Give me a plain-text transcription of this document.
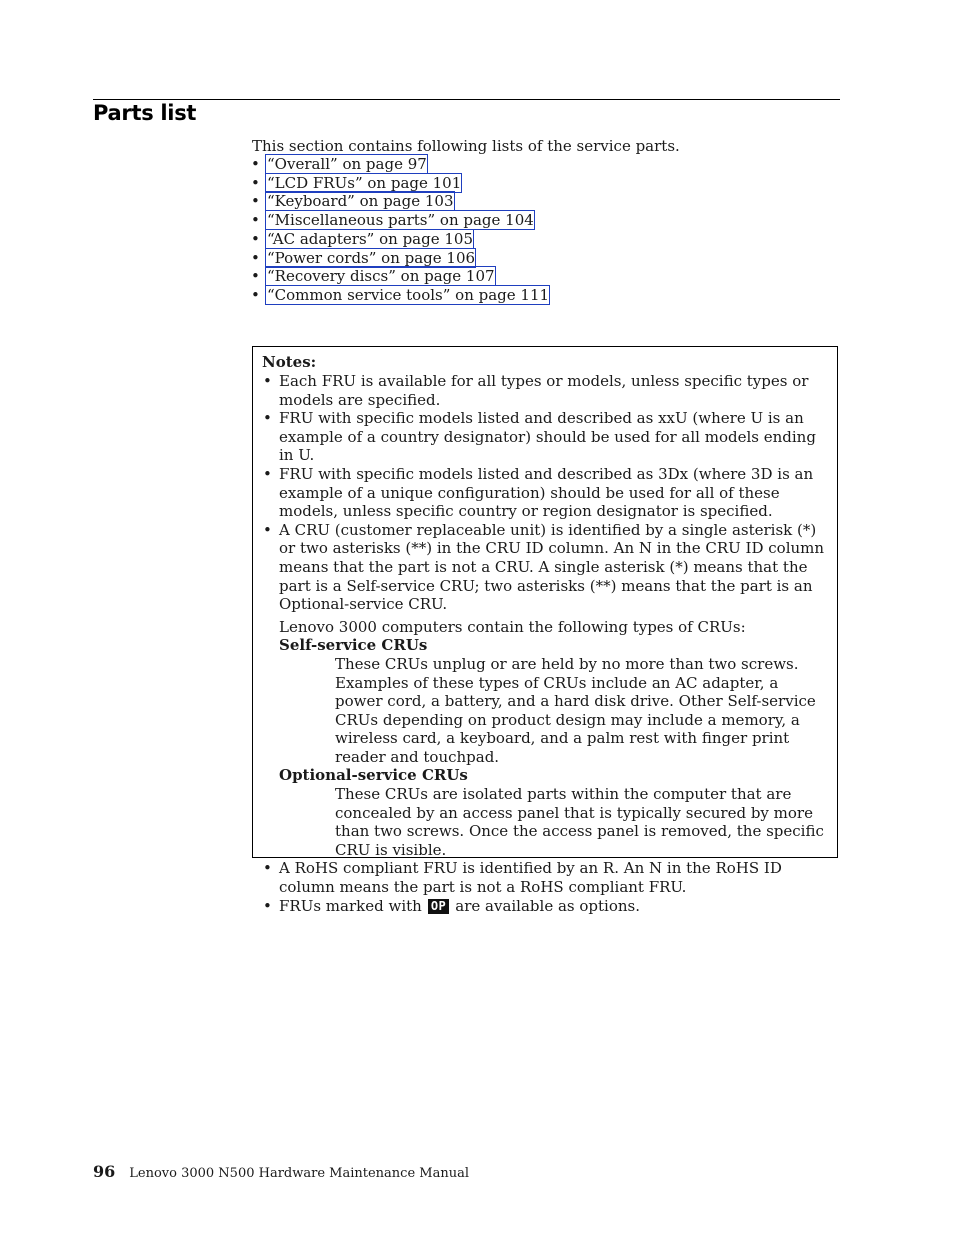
Parts list

This section contains following lists of the service parts.

• “Overall” on page 97
• “LCD FRUs” on page 101
• “Keyboard” on page 103
• “Miscellaneous parts” on page 104
• “AC adapters” on page 105
• “Power cords” on page 106
• “Recovery discs” on page 107
• “Common service tools” on page 111
Notes:
• Each FRU is available for all types or models, unless specific types or models are specified.
• FRU with specific models listed and described as xxU (where U is an example of a country designator) should be used for all models ending in U.
• FRU with specific models listed and described as 3Dx (where 3D is an example of a unique configuration) should be used for all of these models, unless specific country or region designator is specified.
• A CRU (customer replaceable unit) is identified by a single asterisk (*) or two asterisks (**) in the CRU ID column. An N in the CRU ID column means that the part is not a CRU. A single asterisk (*) means that the part is a Self-service CRU; two asterisks (**) means that the part is an Optional-service CRU.
Lenovo 3000 computers contain the following types of CRUs:
Self-service CRUs
These CRUs unplug or are held by no more than two screws. Examples of these types of CRUs include an AC adapter, a power cord, a battery, and a hard disk drive. Other Self-service CRUs depending on product design may include a memory, a wireless card, a keyboard, and a palm rest with finger print reader and touchpad.
Optional-service CRUs
These CRUs are isolated parts within the computer that are concealed by an access panel that is typically secured by more than two screws. Once the access panel is removed, the specific CRU is visible.
• A RoHS compliant FRU is identified by an R. An N in the RoHS ID column means the part is not a RoHS compliant FRU.
• FRUs marked with OP are available as options.
96 Lenovo 3000 N500 Hardware Maintenance Manual
